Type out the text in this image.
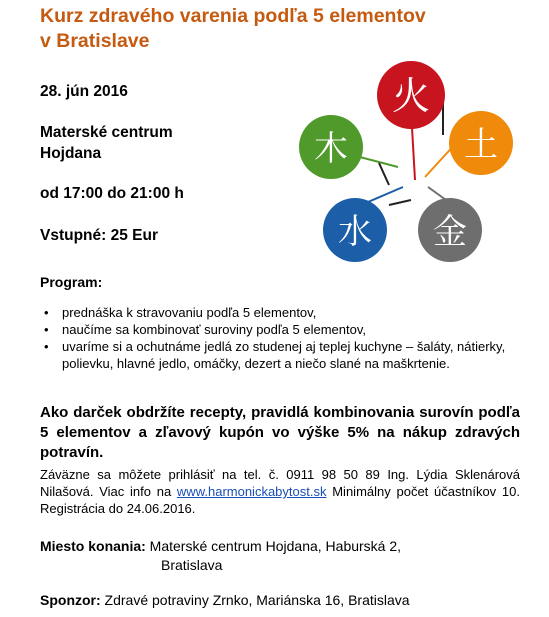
Kurz zdravého varenia podľa 5 elementov
v Bratislave
28. jún 2016
Materské centrum
Hojdana
od 17:00 do 21:00 h
Vstupné: 25 Eur
火
土
金
水
木
Program:
• prednáška k stravovaniu podľa 5 elementov,
• naučíme sa kombinovať suroviny podľa 5 elementov,
• uvaríme si a ochutnáme jedlá zo studenej aj teplej kuchyne – šaláty, nátierky, polievku, hlavné jedlo, omáčky, dezert a niečo slané na maškrtenie.
Ako darček obdržíte recepty, pravidlá kombinovania surovín podľa 5 elementov a zľavový kupón vo výške 5% na nákup zdravých potravín.
Záväzne sa môžete prihlásiť na tel. č. 0911 98 50 89 Ing. Lýdia Sklenárová Nilašová. Viac info na www.harmonickabytost.sk Minimálny počet účastníkov 10. Registrácia do 24.06.2016.
Miesto konania: Materské centrum Hojdana, Haburská 2,
Bratislava
Sponzor: Zdravé potraviny Zrnko, Mariánska 16, Bratislava
